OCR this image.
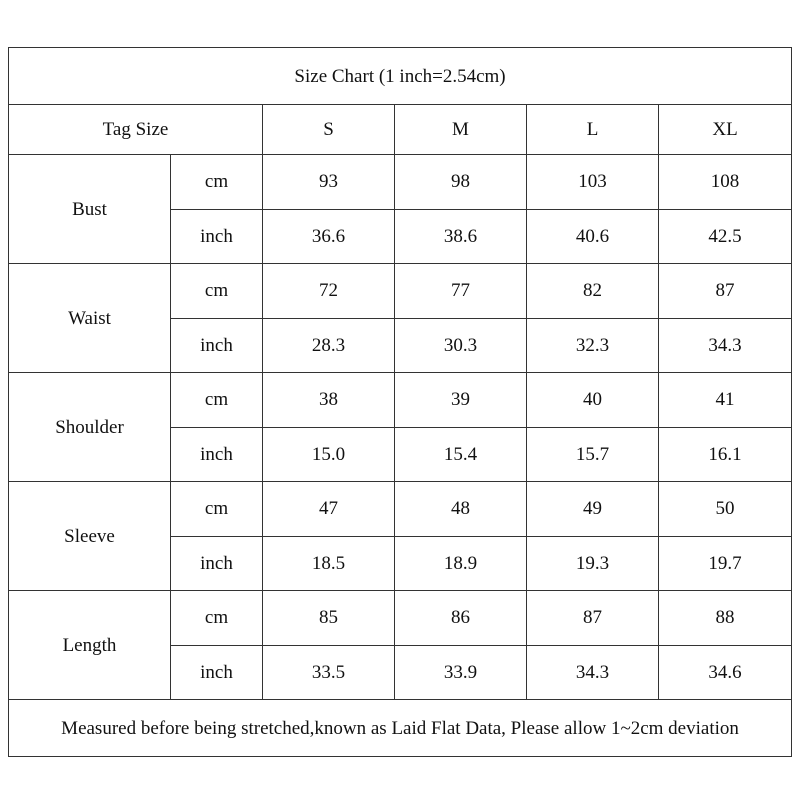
Size Chart (1 inch=2.54cm)					
Tag Size		S	M	L	XL
Bust	cm	93	98	103	108
	inch	36.6	38.6	40.6	42.5
Waist	cm	72	77	82	87
	inch	28.3	30.3	32.3	34.3
Shoulder	cm	38	39	40	41
	inch	15.0	15.4	15.7	16.1
Sleeve	cm	47	48	49	50
	inch	18.5	18.9	19.3	19.7
Length	cm	85	86	87	88
	inch	33.5	33.9	34.3	34.6
Measured before being stretched,known as Laid Flat Data, Please allow 1~2cm deviation					
